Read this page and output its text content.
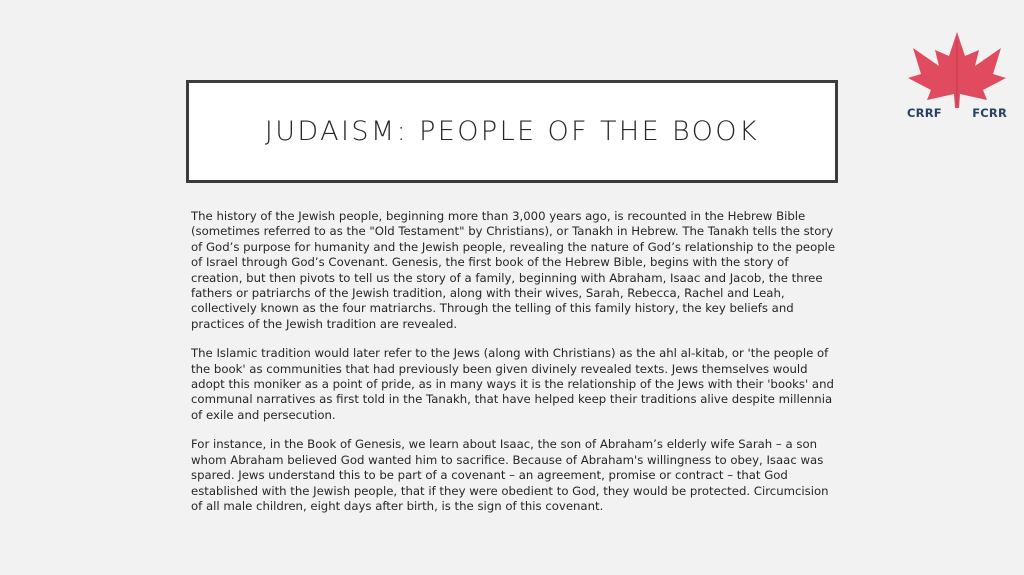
CRRF	FCRR
JUDAISM: PEOPLE OF THE BOOK

The history of the Jewish people, beginning more than 3,000 years ago, is recounted in the Hebrew Bible (sometimes referred to as the "Old Testament" by Christians), or Tanakh in Hebrew. The Tanakh tells the story of God’s purpose for humanity and the Jewish people, revealing the nature of God’s relationship to the people of Israel through God’s Covenant. Genesis, the first book of the Hebrew Bible, begins with the story of creation, but then pivots to tell us the story of a family, beginning with Abraham, Isaac and Jacob, the three fathers or patriarchs of the Jewish tradition, along with their wives, Sarah, Rebecca, Rachel and Leah, collectively known as the four matriarchs. Through the telling of this family history, the key beliefs and practices of the Jewish tradition are revealed.

The Islamic tradition would later refer to the Jews (along with Christians) as the ahl al-kitab, or 'the people of the book' as communities that had previously been given divinely revealed texts. Jews themselves would adopt this moniker as a point of pride, as in many ways it is the relationship of the Jews with their 'books' and communal narratives as first told in the Tanakh, that have helped keep their traditions alive despite millennia of exile and persecution.

For instance, in the Book of Genesis, we learn about Isaac, the son of Abraham’s elderly wife Sarah – a son whom Abraham believed God wanted him to sacrifice. Because of Abraham's willingness to obey, Isaac was spared. Jews understand this to be part of a covenant – an agreement, promise or contract – that God established with the Jewish people, that if they were obedient to God, they would be protected. Circumcision of all male children, eight days after birth, is the sign of this covenant.
